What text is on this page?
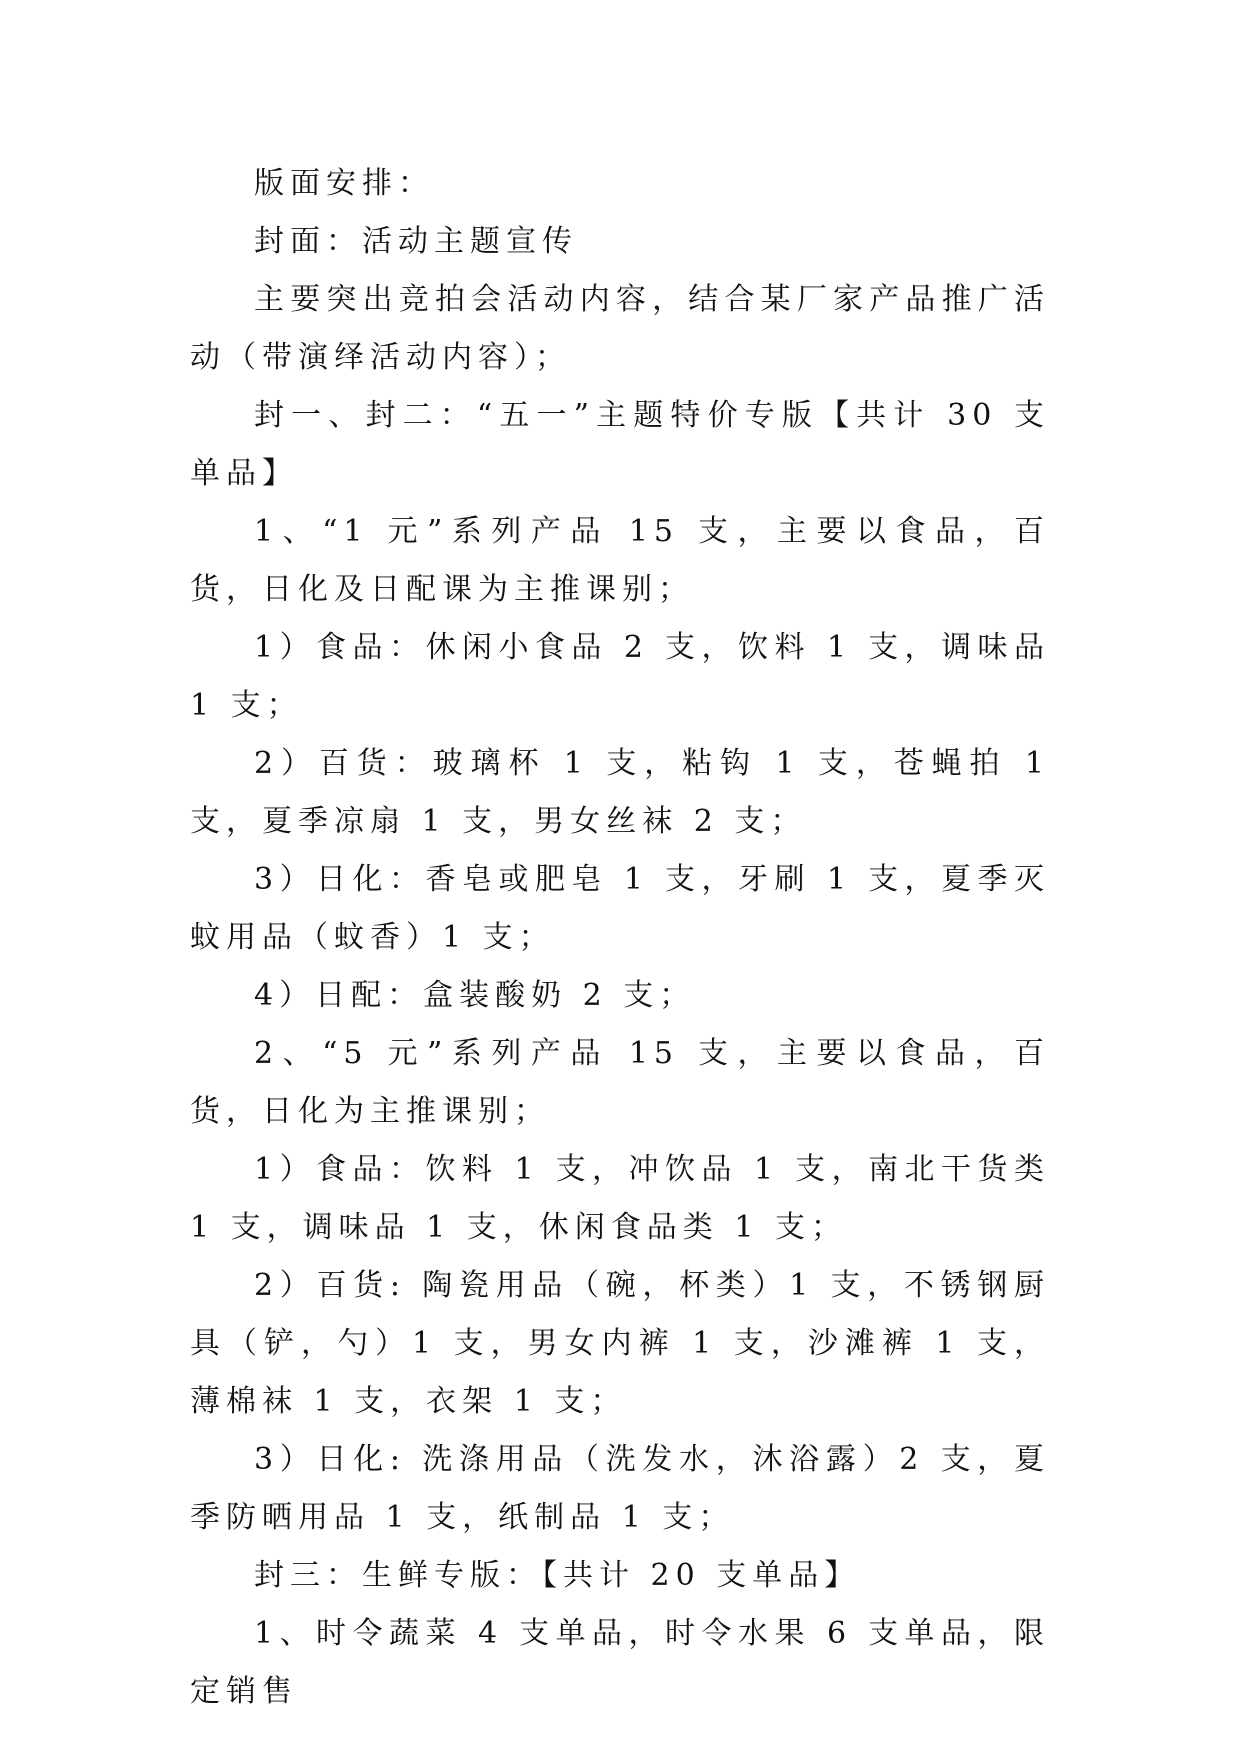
版面安排：

封面：活动主题宣传

主要突出竞拍会活动内容，结合某厂家产品推广活动（带演绎活动内容）；

封一、封二：“五一”主题特价专版【共计 30 支单品】

1、“1 元”系列产品 15 支，主要以食品，百货，日化及日配课为主推课别；

1）食品：休闲小食品 2 支，饮料 1 支，调味品 1 支；

2）百货：玻璃杯 1 支，粘钩 1 支，苍蝇拍 1 支，夏季凉扇 1 支，男女丝袜 2 支；

3）日化：香皂或肥皂 1 支，牙刷 1 支，夏季灭蚊用品（蚊香）1 支；

4）日配：盒装酸奶 2 支；

2、“5 元”系列产品 15 支，主要以食品，百货，日化为主推课别；

1）食品：饮料 1 支，冲饮品 1 支，南北干货类 1 支，调味品 1 支，休闲食品类 1 支；

2）百货: 陶瓷用品（碗，杯类）1 支，不锈钢厨具（铲，勺）1 支，男女内裤 1 支，沙滩裤 1 支，薄棉袜 1 支，衣架 1 支；

3）日化: 洗涤用品（洗发水，沐浴露）2 支，夏季防晒用品 1 支，纸制品 1 支；

封三：生鲜专版：【共计 20 支单品】

1、时令蔬菜 4 支单品，时令水果 6 支单品，限定销售
